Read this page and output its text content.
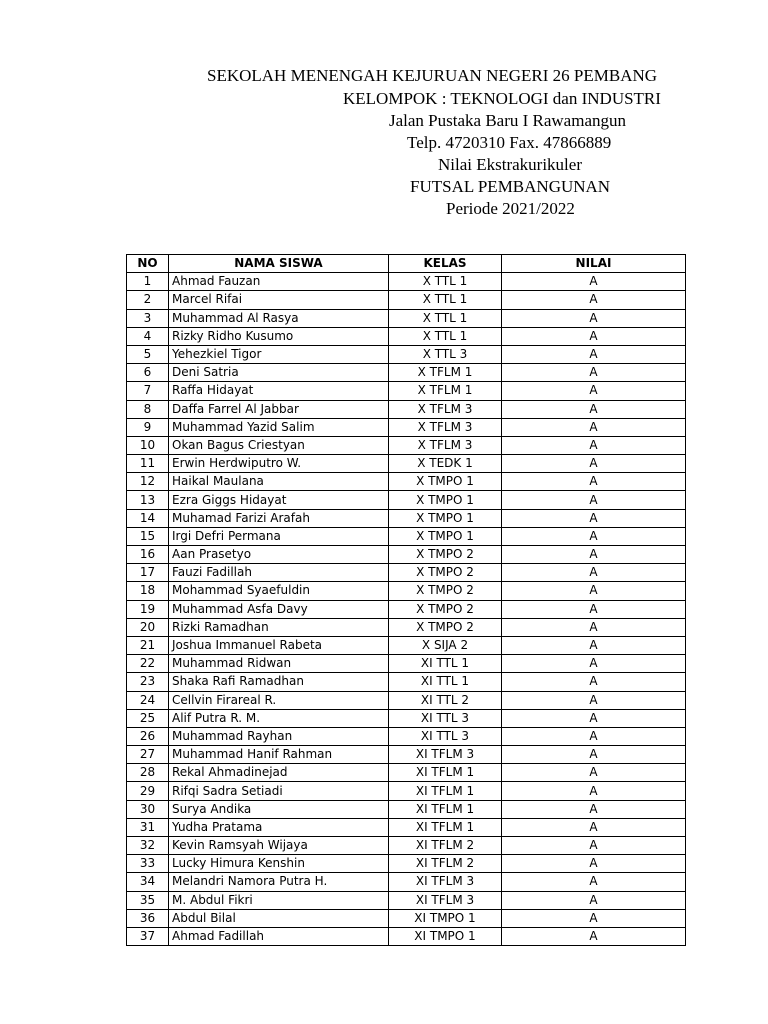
SEKOLAH MENENGAH KEJURUAN NEGERI 26 PEMBANG
KELOMPOK : TEKNOLOGI dan INDUSTRI
Jalan Pustaka Baru I Rawamangun
Telp. 4720310 Fax. 47866889
Nilai Ekstrakurikuler
FUTSAL PEMBANGUNAN
Periode 2021/2022
NO	NAMA SISWA	KELAS	NILAI
1	Ahmad Fauzan	X TTL 1	A
2	Marcel Rifai	X TTL 1	A
3	Muhammad Al Rasya	X TTL 1	A
4	Rizky Ridho Kusumo	X TTL 1	A
5	Yehezkiel Tigor	X TTL 3	A
6	Deni Satria	X TFLM 1	A
7	Raffa Hidayat	X TFLM 1	A
8	Daffa Farrel Al Jabbar	X TFLM 3	A
9	Muhammad Yazid Salim	X TFLM 3	A
10	Okan Bagus Criestyan	X TFLM 3	A
11	Erwin Herdwiputro W.	X TEDK 1	A
12	Haikal Maulana	X TMPO 1	A
13	Ezra Giggs Hidayat	X TMPO 1	A
14	Muhamad Farizi Arafah	X TMPO 1	A
15	Irgi Defri Permana	X TMPO 1	A
16	Aan Prasetyo	X TMPO 2	A
17	Fauzi Fadillah	X TMPO 2	A
18	Mohammad Syaefuldin	X TMPO 2	A
19	Muhammad Asfa Davy	X TMPO 2	A
20	Rizki Ramadhan	X TMPO 2	A
21	Joshua Immanuel Rabeta	X SIJA 2	A
22	Muhammad Ridwan	XI TTL 1	A
23	Shaka Rafi Ramadhan	XI TTL 1	A
24	Cellvin Firareal R.	XI TTL 2	A
25	Alif Putra R. M.	XI TTL 3	A
26	Muhammad Rayhan	XI TTL 3	A
27	Muhammad Hanif Rahman	XI TFLM 3	A
28	Rekal Ahmadinejad	XI TFLM 1	A
29	Rifqi Sadra Setiadi	XI TFLM 1	A
30	Surya Andika	XI TFLM 1	A
31	Yudha Pratama	XI TFLM 1	A
32	Kevin Ramsyah Wijaya	XI TFLM 2	A
33	Lucky Himura Kenshin	XI TFLM 2	A
34	Melandri Namora Putra H.	XI TFLM 3	A
35	M. Abdul Fikri	XI TFLM 3	A
36	Abdul Bilal	XI TMPO 1	A
37	Ahmad Fadillah	XI TMPO 1	A
